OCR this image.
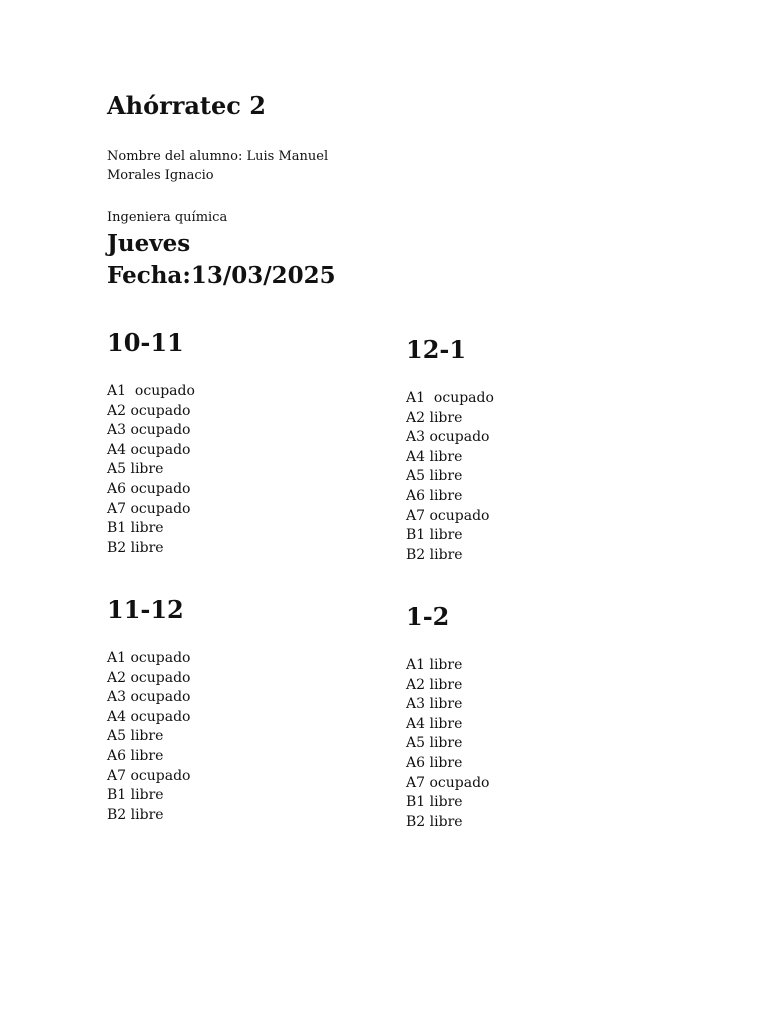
Ahórratec 2
Nombre del alumno: Luis Manuel Morales Ignacio
Ingeniera química
Jueves
Fecha:13/03/2025
10-11
A1  ocupado
A2 ocupado
A3 ocupado
A4 ocupado
A5 libre
A6 ocupado
A7 ocupado
B1 libre
B2 libre
12-1
A1  ocupado
A2 libre
A3 ocupado
A4 libre
A5 libre
A6 libre
A7 ocupado
B1 libre
B2 libre
11-12
A1 ocupado
A2 ocupado
A3 ocupado
A4 ocupado
A5 libre
A6 libre
A7 ocupado
B1 libre
B2 libre
1-2
A1 libre
A2 libre
A3 libre
A4 libre
A5 libre
A6 libre
A7 ocupado
B1 libre
B2 libre
